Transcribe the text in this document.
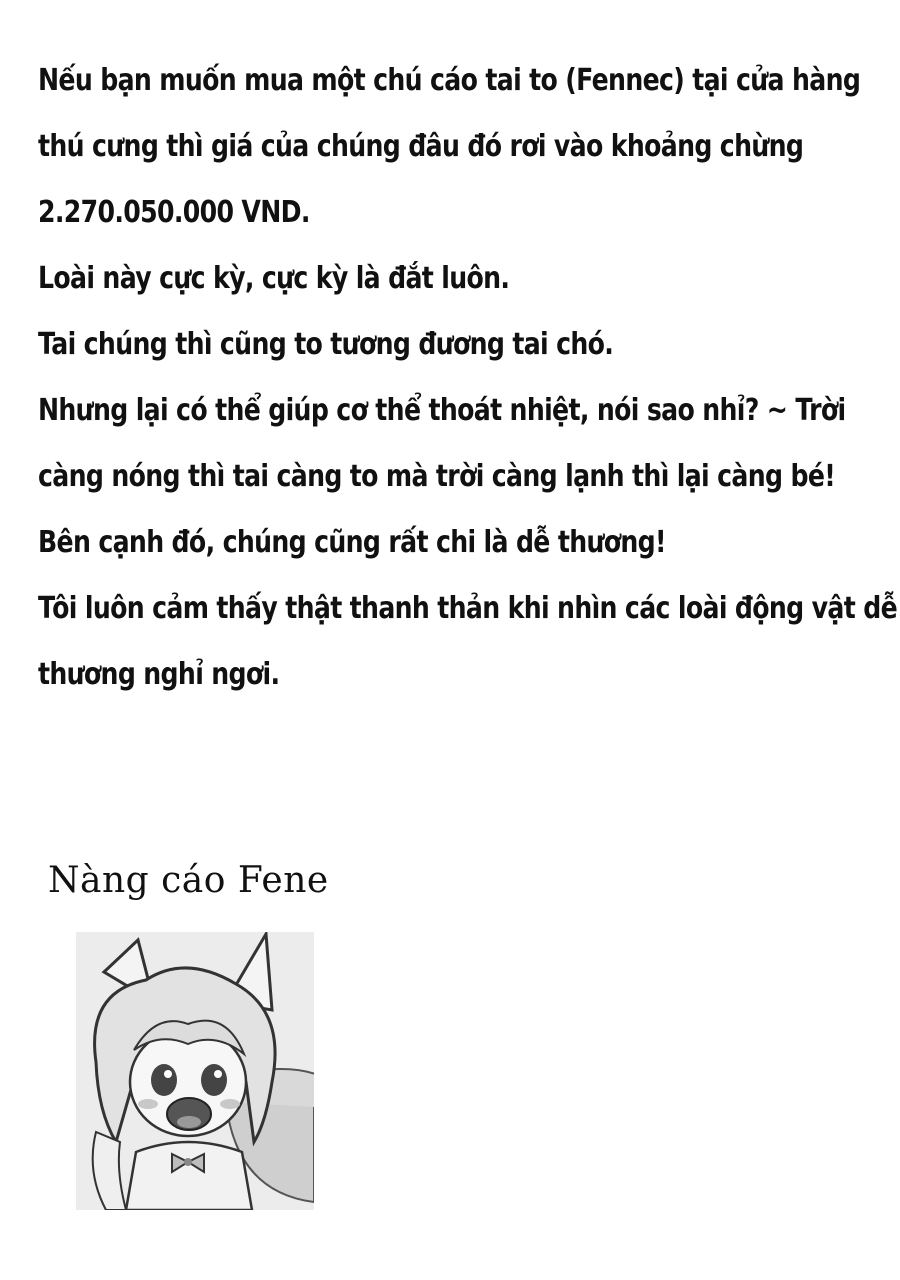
Nếu bạn muốn mua một chú cáo tai to (Fennec) tại cửa hàng
thú cưng thì giá của chúng đâu đó rơi vào khoảng chừng
2.270.050.000 VND.
Loài này cực kỳ, cực kỳ là đắt luôn.
Tai chúng thì cũng to tương đương tai chó.
Nhưng lại có thể giúp cơ thể thoát nhiệt, nói sao nhỉ? ~ Trời
càng nóng thì tai càng to mà trời càng lạnh thì lại càng bé!
Bên cạnh đó, chúng cũng rất chi là dễ thương!
Tôi luôn cảm thấy thật thanh thản khi nhìn các loài động vật dễ
thương nghỉ ngơi.
Nàng cáo Fene
